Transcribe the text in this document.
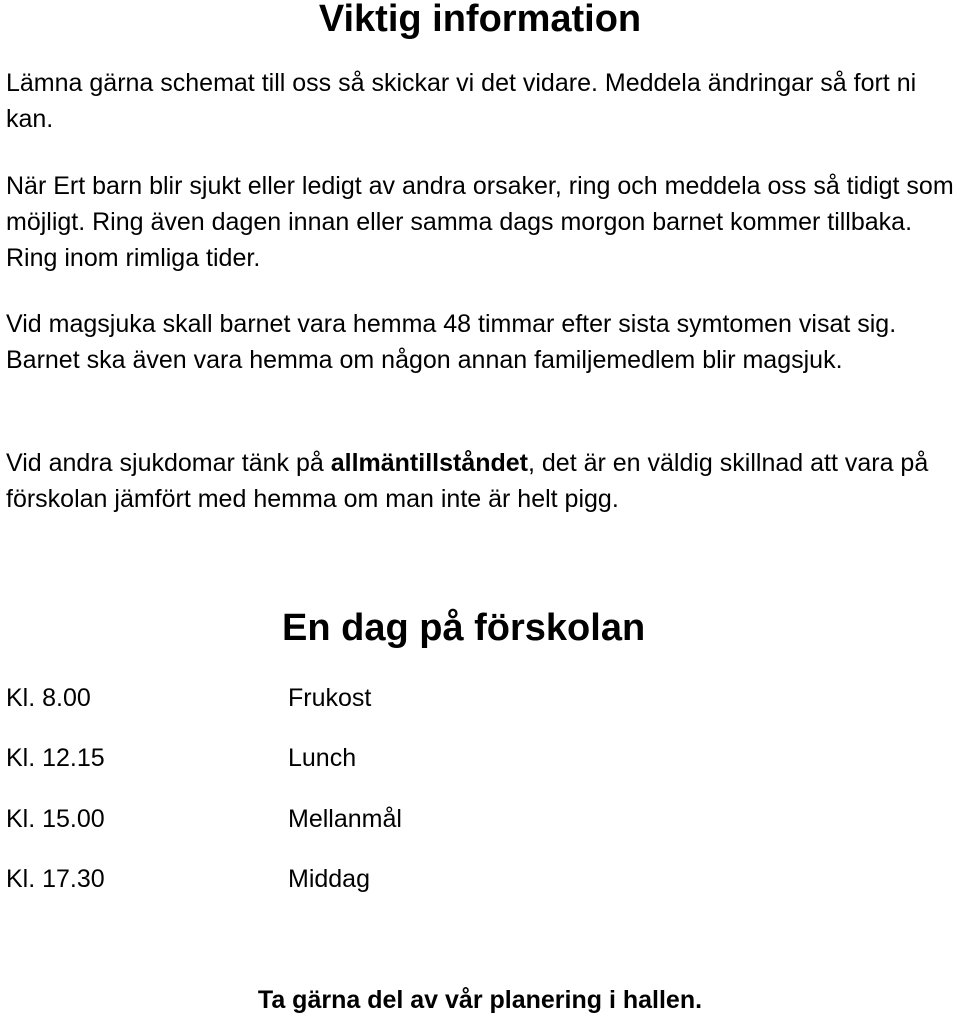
Viktig information

Lämna gärna schemat till oss så skickar vi det vidare. Meddela ändringar så fort ni kan.

När Ert barn blir sjukt eller ledigt av andra orsaker, ring och meddela oss så tidigt som möjligt. Ring även dagen innan eller samma dags morgon barnet kommer tillbaka. Ring inom rimliga tider.

Vid magsjuka skall barnet vara hemma 48 timmar efter sista symtomen visat sig. Barnet ska även vara hemma om någon annan familjemedlem blir magsjuk.

Vid andra sjukdomar tänk på allmäntillståndet, det är en väldig skillnad att vara på förskolan jämfört med hemma om man inte är helt pigg.

En dag på förskolan
Kl. 8.00	Frukost
Kl. 12.15	Lunch
Kl. 15.00	Mellanmål
Kl. 17.30	Middag

Ta gärna del av vår planering i hallen.
